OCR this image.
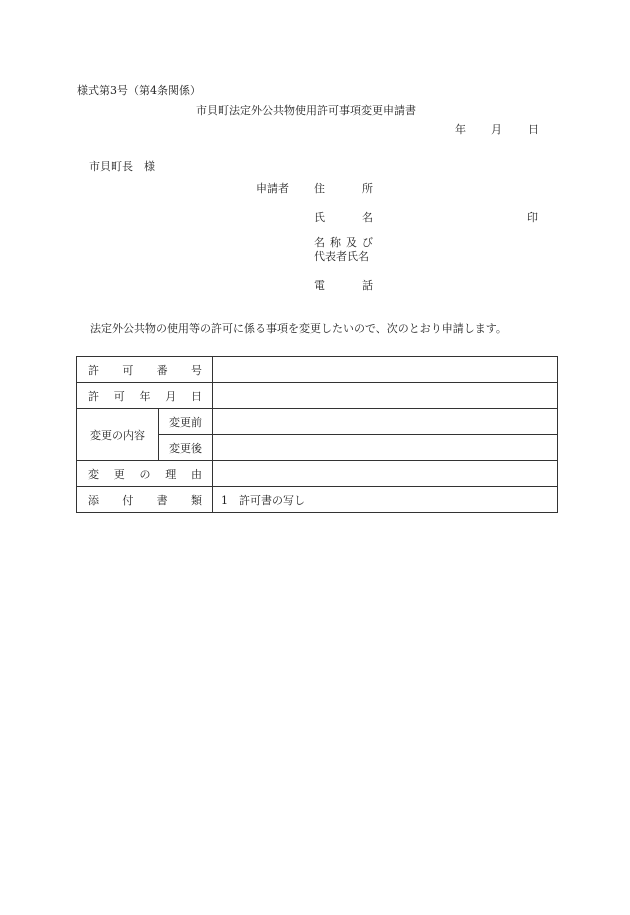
様式第3号（第4条関係）
市貝町法定外公共物使用許可事項変更申請書
年 月 日
市貝町長　様
申請者 住	所
氏	名	印
名 称 及 び
代表者氏名
電	話
法定外公共物の使用等の許可に係る事項を変更したいので、次のとおり申請します。
許 可 番 号		

許 可 年 月 日		

変更の内容	変更前	
	変更後	

変 更 の 理 由		

添 付 書 類		1　許可書の写し
